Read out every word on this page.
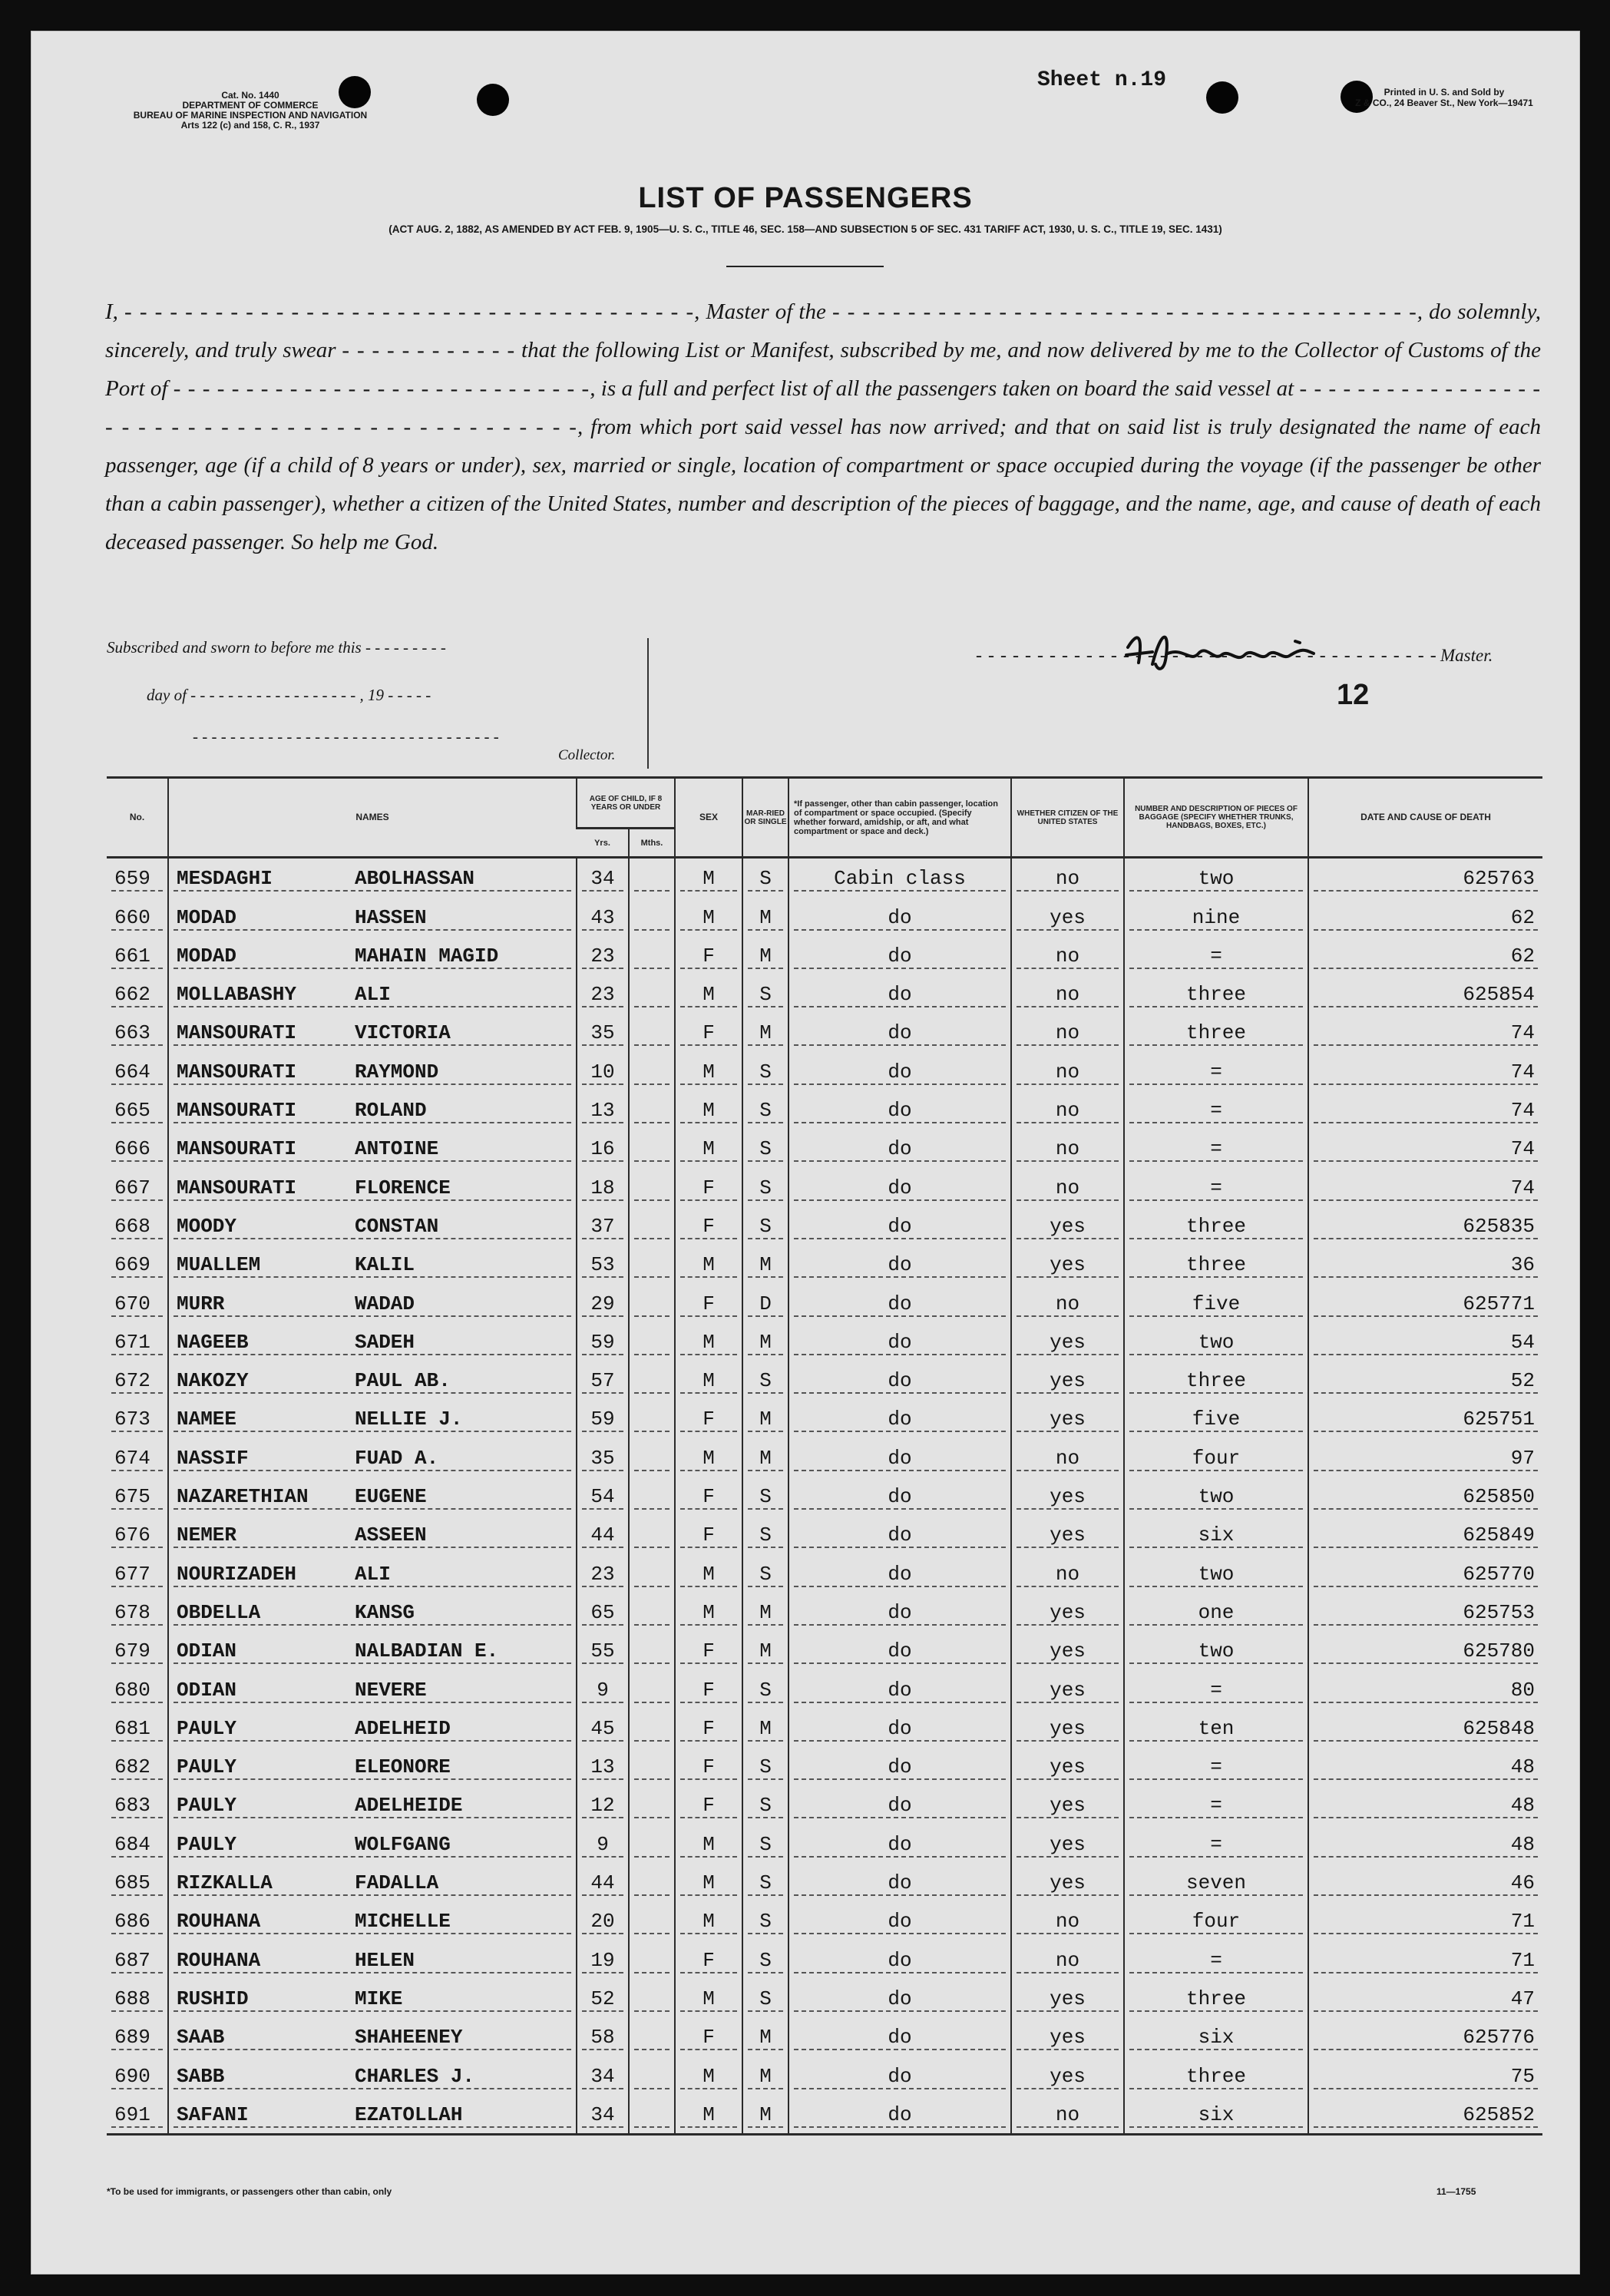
Cat. No. 1440
DEPARTMENT OF COMMERCE
BUREAU OF MARINE INSPECTION AND NAVIGATION
Arts 122 (c) and 158, C. R., 1937
Sheet n.19	Printed in U. S. and Sold by
Z & CO., 24 Beaver St., New York—19471
LIST OF PASSENGERS
(ACT AUG. 2, 1882, AS AMENDED BY ACT FEB. 9, 1905—U. S. C., TITLE 46, SEC. 158—AND SUBSECTION 5 OF SEC. 431 TARIFF ACT, 1930, U. S. C., TITLE 19, SEC. 1431)
I, - - - - - - - - - - - - - - - - - - - - - - - - - - - - - - - - - - - - - -, Master of the - - - - - - - - - - - - - - - - - - - - - - - - - - - - - - - - - - - - - - -, do solemnly, sincerely, and truly swear - - - - - - - - - - - - that the following List or Manifest, subscribed by me, and now delivered by me to the Collector of Customs of the Port of - - - - - - - - - - - - - - - - - - - - - - - - - - - - -, is a full and perfect list of all the passengers taken on board the said vessel at - - - - - - - - - - - - - - - - - - - - - - - - - - - - - - - - - - - - - - - - - - - - - -, from which port said vessel has now arrived; and that on said list is truly designated the name of each passenger, age (if a child of 8 years or under), sex, married or single, location of compartment or space occupied during the voyage (if the passenger be other than a cabin passenger), whether a citizen of the United States, number and description of the pieces of baggage, and the name, age, and cause of death of each deceased passenger. So help me God.
Subscribed and sworn to before me this - - - - - - - - -
day of - - - - - - - - - - - - - - - - - - , 19 - - - - -
- - - - - - - - - - - - - - - - - - - - - - - - - - - - - - - - -
Collector.
- - - - - - - - - - - - - - - - - - - - - - - - - - - - - - - - - - - - - - Master.
12
No.	NAMES	AGE OF CHILD, IF 8 YEARS OR UNDER		SEX	MAR-RIED OR SINGLE	*If passenger, other than cabin passenger, location of compartment or space occupied. (Specify whether forward, amidship, or aft, and what compartment or space and deck.)	WHETHER CITIZEN OF THE UNITED STATES	NUMBER AND DESCRIPTION OF PIECES OF BAGGAGE (SPECIFY WHETHER TRUNKS, HANDBAGS, BOXES, ETC.)	DATE AND CAUSE OF DEATH
		Yrs.	Mths.						

659	MESDAGHI ABOLHASSAN	34		M	S	Cabin class	no	two	625763

660	MODAD HASSEN	43		M	M	do	yes	nine	62

661	MODAD MAHAIN MAGID	23		F	M	do	no	=	62

662	MOLLABASHY ALI	23		M	S	do	no	three	625854

663	MANSOURATI VICTORIA	35		F	M	do	no	three	74

664	MANSOURATI RAYMOND	10		M	S	do	no	=	74

665	MANSOURATI ROLAND	13		M	S	do	no	=	74

666	MANSOURATI ANTOINE	16		M	S	do	no	=	74

667	MANSOURATI FLORENCE	18		F	S	do	no	=	74

668	MOODY CONSTAN	37		F	S	do	yes	three	625835

669	MUALLEM KALIL	53		M	M	do	yes	three	36

670	MURR WADAD	29		F	D	do	no	five	625771

671	NAGEEB SADEH	59		M	M	do	yes	two	54

672	NAKOZY PAUL AB.	57		M	S	do	yes	three	52

673	NAMEE NELLIE J.	59		F	M	do	yes	five	625751

674	NASSIF FUAD A.	35		M	M	do	no	four	97

675	NAZARETHIAN EUGENE	54		F	S	do	yes	two	625850

676	NEMER ASSEEN	44		F	S	do	yes	six	625849

677	NOURIZADEH ALI	23		M	S	do	no	two	625770

678	OBDELLA KANSG	65		M	M	do	yes	one	625753

679	ODIAN NALBADIAN E.	55		F	M	do	yes	two	625780

680	ODIAN NEVERE	9		F	S	do	yes	=	80

681	PAULY ADELHEID	45		F	M	do	yes	ten	625848

682	PAULY ELEONORE	13		F	S	do	yes	=	48

683	PAULY ADELHEIDE	12		F	S	do	yes	=	48

684	PAULY WOLFGANG	9		M	S	do	yes	=	48

685	RIZKALLA FADALLA	44		M	S	do	yes	seven	46

686	ROUHANA MICHELLE	20		M	S	do	no	four	71

687	ROUHANA HELEN	19		F	S	do	no	=	71

688	RUSHID MIKE	52		M	S	do	yes	three	47

689	SAAB SHAHEENEY	58		F	M	do	yes	six	625776

690	SABB CHARLES J.	34		M	M	do	yes	three	75

691	SAFANI EZATOLLAH	34		M	M	do	no	six	625852
*To be used for immigrants, or passengers other than cabin, only	11—1755
